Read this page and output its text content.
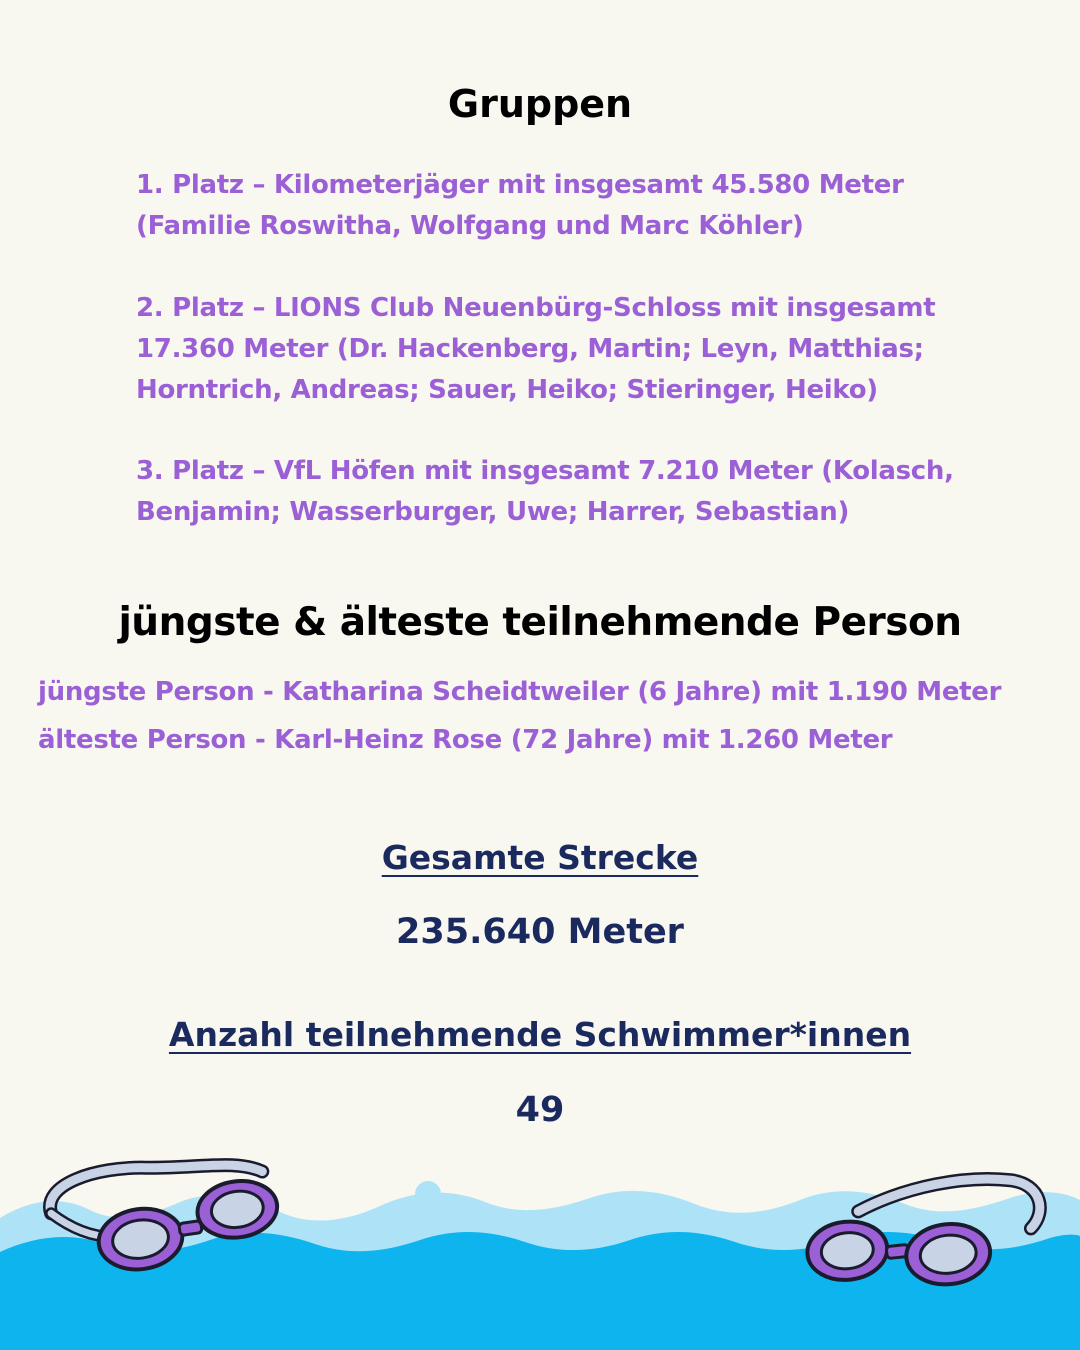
Gruppen

1. Platz – Kilometerjäger mit insgesamt 45.580 Meter
(Familie Roswitha, Wolfgang und Marc Köhler)

2. Platz – LIONS Club Neuenbürg-Schloss mit insgesamt
17.360 Meter (Dr. Hackenberg, Martin; Leyn, Matthias;
Horntrich, Andreas; Sauer, Heiko; Stieringer, Heiko)

3. Platz – VfL Höfen mit insgesamt 7.210 Meter (Kolasch,
Benjamin; Wasserburger, Uwe; Harrer, Sebastian)

jüngste & älteste teilnehmende Person

jüngste Person - Katharina Scheidtweiler (6 Jahre) mit 1.190 Meter

älteste Person - Karl-Heinz Rose (72 Jahre) mit 1.260 Meter

Gesamte Strecke

235.640 Meter

Anzahl teilnehmende Schwimmer*innen

49
